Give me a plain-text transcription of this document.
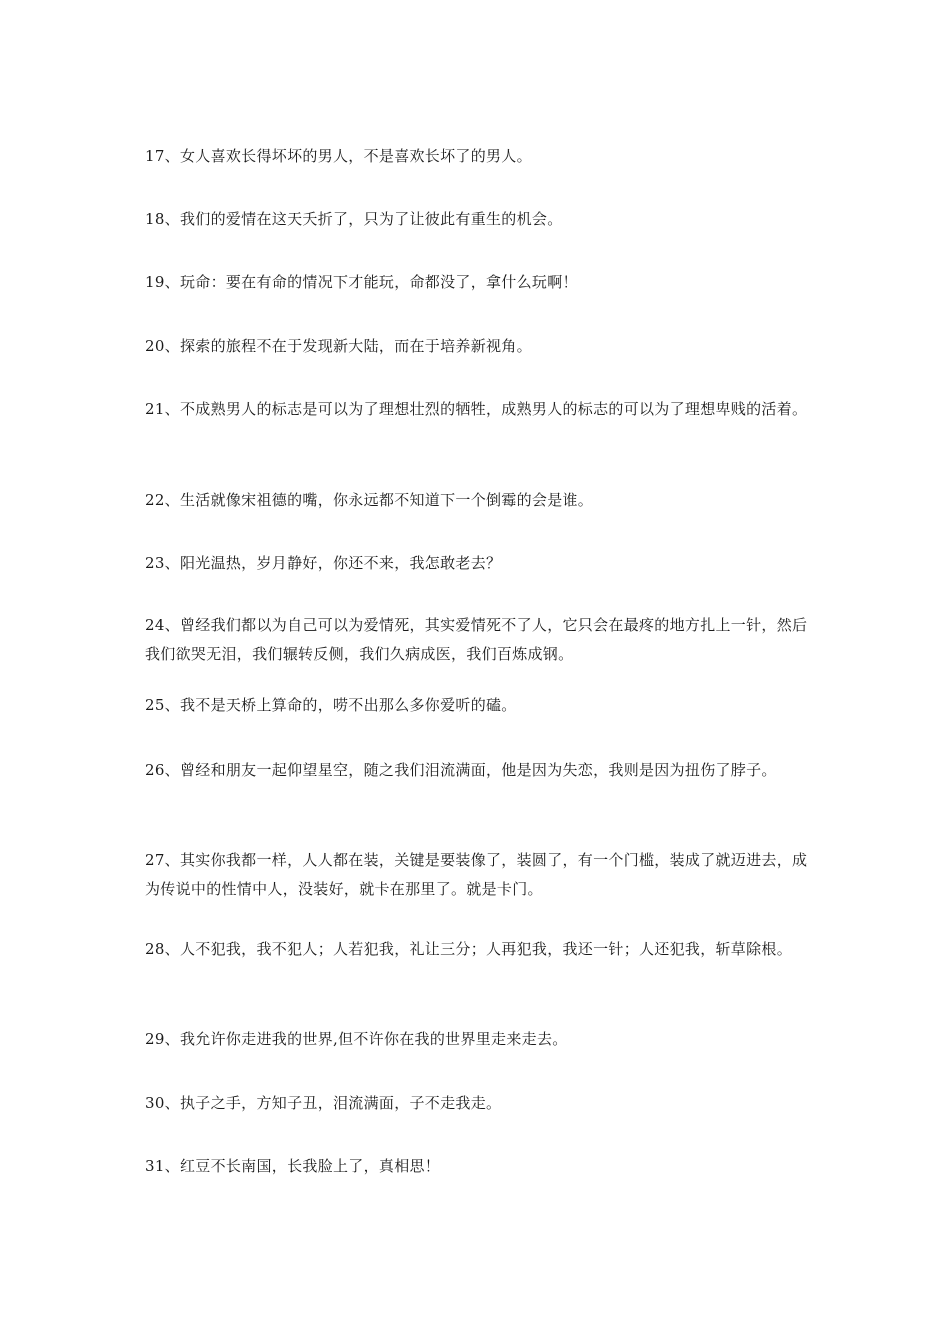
17、女人喜欢长得坏坏的男人，不是喜欢长坏了的男人。

18、我们的爱情在这天夭折了，只为了让彼此有重生的机会。

19、玩命：要在有命的情况下才能玩，命都没了，拿什么玩啊！

20、探索的旅程不在于发现新大陆，而在于培养新视角。

21、不成熟男人的标志是可以为了理想壮烈的牺牲，成熟男人的标志的可以为了理想卑贱的活着。

22、生活就像宋祖德的嘴，你永远都不知道下一个倒霉的会是谁。

23、阳光温热，岁月静好，你还不来，我怎敢老去？

24、曾经我们都以为自己可以为爱情死，其实爱情死不了人，它只会在最疼的地方扎上一针，然后我们欲哭无泪，我们辗转反侧，我们久病成医，我们百炼成钢。

25、我不是天桥上算命的，唠不出那么多你爱听的磕。

26、曾经和朋友一起仰望星空，随之我们泪流满面，他是因为失恋，我则是因为扭伤了脖子。

27、其实你我都一样，人人都在装，关键是要装像了，装圆了，有一个门槛，装成了就迈进去，成为传说中的性情中人，没装好，就卡在那里了。就是卡门。

28、人不犯我，我不犯人；人若犯我，礼让三分；人再犯我，我还一针；人还犯我，斩草除根。

29、我允许你走进我的世界,但不许你在我的世界里走来走去。

30、执子之手，方知子丑，泪流满面，子不走我走。

31、红豆不长南国，长我脸上了，真相思！
